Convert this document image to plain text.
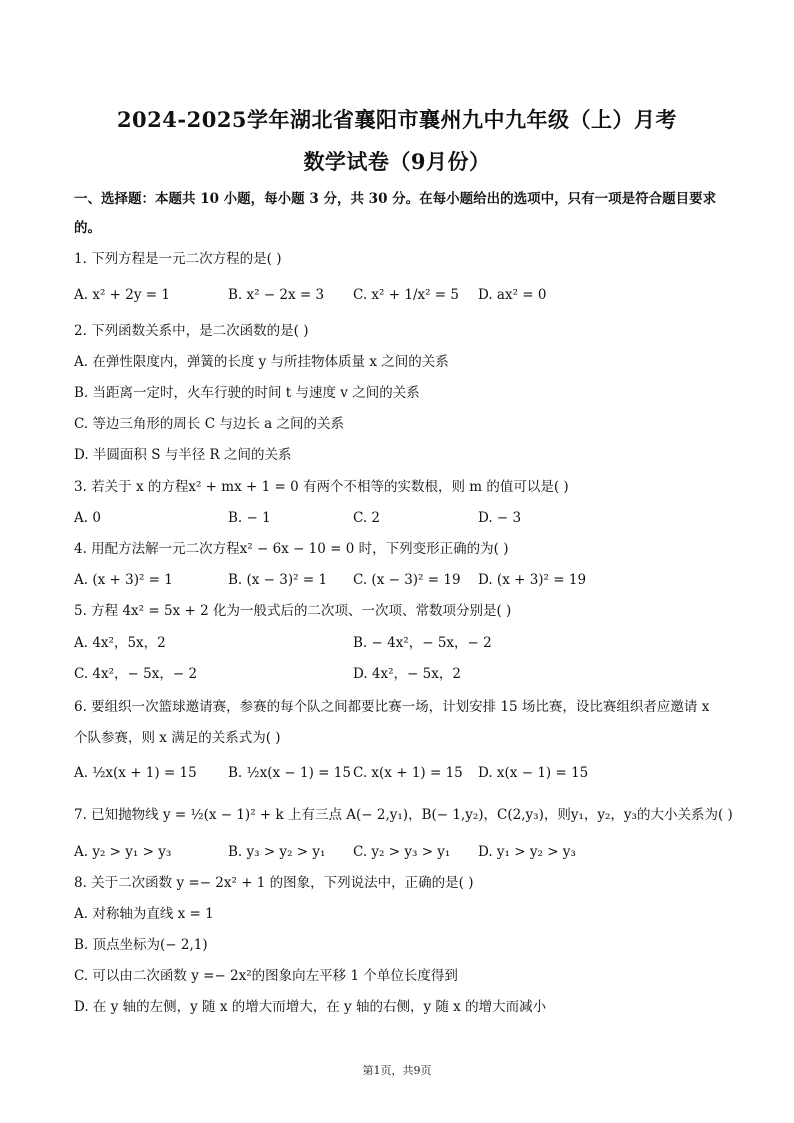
2024-2025学年湖北省襄阳市襄州九中九年级（上）月考
数学试卷（9月份）
一、选择题：本题共 10 小题，每小题 3 分，共 30 分。在每小题给出的选项中，只有一项是符合题目要求
的。
1. 下列方程是一元二次方程的是( )
A. x² + 2y = 1	B. x² − 2x = 3 C. x² + 1/x² = 5 D. ax² = 0
2. 下列函数关系中，是二次函数的是( )
A. 在弹性限度内，弹簧的长度 y 与所挂物体质量 x 之间的关系
B. 当距离一定时，火车行驶的时间 t 与速度 v 之间的关系
C. 等边三角形的周长 C 与边长 a 之间的关系
D. 半圆面积 S 与半径 R 之间的关系
3. 若关于 x 的方程x² + mx + 1 = 0 有两个不相等的实数根，则 m 的值可以是( )
A. 0	B. − 1	C. 2	D. − 3
4. 用配方法解一元二次方程x² − 6x − 10 = 0 时，下列变形正确的为( )
A. (x + 3)² = 1	B. (x − 3)² = 1 C. (x − 3)² = 19 D. (x + 3)² = 19
5. 方程 4x² = 5x + 2 化为一般式后的二次项、一次项、常数项分别是( )
A. 4x²，5x，2	B. − 4x²，− 5x，− 2
C. 4x²，− 5x，− 2	D. 4x²，− 5x，2
6. 要组织一次篮球邀请赛，参赛的每个队之间都要比赛一场，计划安排 15 场比赛，设比赛组织者应邀请 x
个队参赛，则 x 满足的关系式为( )
A. ½x(x + 1) = 15 B. ½x(x − 1) = 15 C. x(x + 1) = 15 D. x(x − 1) = 15
7. 已知抛物线 y = ½(x − 1)² + k 上有三点 A(− 2,y₁)，B(− 1,y₂)，C(2,y₃)，则y₁，y₂，y₃的大小关系为( )
A. y₂ > y₁ > y₃	B. y₃ > y₂ > y₁ C. y₂ > y₃ > y₁ D. y₁ > y₂ > y₃
8. 关于二次函数 y =− 2x² + 1 的图象，下列说法中，正确的是( )
A. 对称轴为直线 x = 1
B. 顶点坐标为(− 2,1)
C. 可以由二次函数 y =− 2x²的图象向左平移 1 个单位长度得到
D. 在 y 轴的左侧，y 随 x 的增大而增大，在 y 轴的右侧，y 随 x 的增大而减小
第1页，共9页
